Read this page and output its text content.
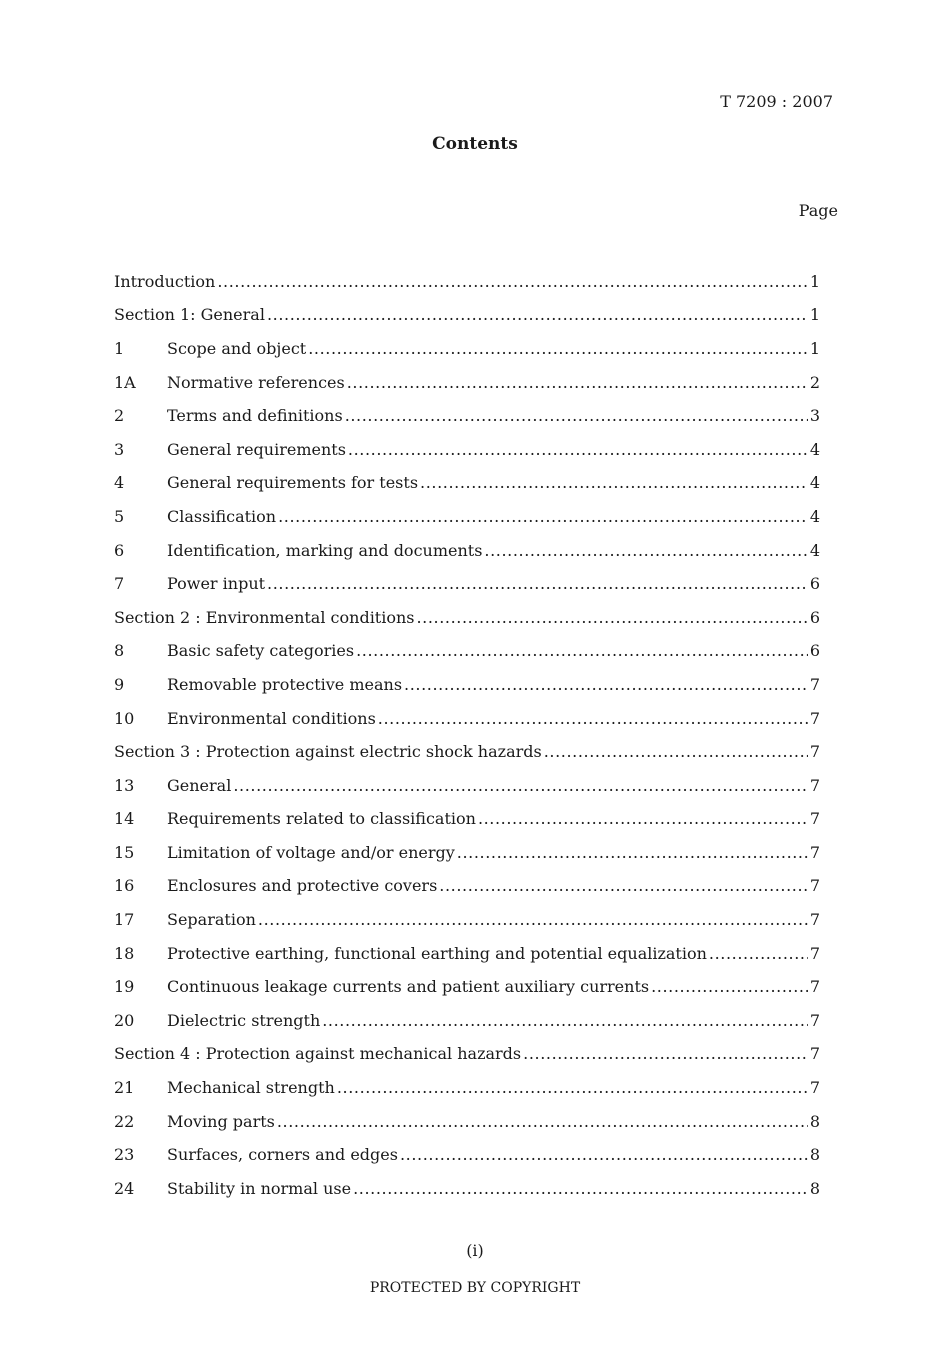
T 7209 : 2007
Contents
Page
Introduction .....	1
Section 1: General .....	1
1	Scope and object .....	1
1A	Normative references .....	2
2	Terms and definitions .....	3
3	General requirements .....	4
4	General requirements for tests .....	4
5	Classification .....	4
6	Identification, marking and documents .....	4
7	Power input .....	6
Section 2 : Environmental conditions .....	6
8	Basic safety categories .....	6
9	Removable protective means .....	7
10	Environmental conditions .....	7
Section 3 : Protection against electric shock hazards .....	7
13	General .....	7
14	Requirements related to classification .....	7
15	Limitation of voltage and/or energy .....	7
16	Enclosures and protective covers .....	7
17	Separation .....	7
18	Protective earthing, functional earthing and potential equalization .....	7
19	Continuous leakage currents and patient auxiliary currents .....	7
20	Dielectric strength .....	7
Section 4 : Protection against mechanical hazards .....	7
21	Mechanical strength .....	7
22	Moving parts .....	8
23	Surfaces, corners and edges .....	8
24	Stability in normal use .....	8
(i)
PROTECTED BY COPYRIGHT
